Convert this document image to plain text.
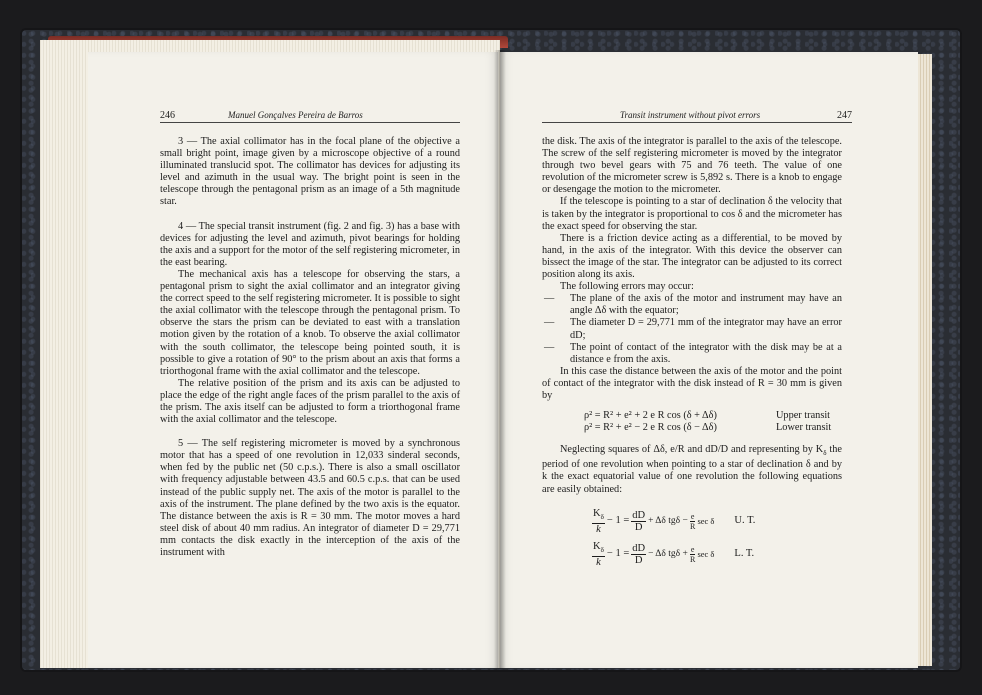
246	Manuel Gonçalves Pereira de Barros

3 — The axial collimator has in the focal plane of the objective a small bright point, image given by a microscope objective of a round illuminated translucid spot. The collimator has devices for adjusting its level and azimuth in the usual way. The bright point is seen in the telescope through the pentagonal prism as an image of a 5th magnitude star.

4 — The special transit instrument (fig. 2 and fig. 3) has a base with devices for adjusting the level and azimuth, pivot bearings for holding the axis and a support for the motor of the self registering micrometer, in the east bearing.

The mechanical axis has a telescope for observing the stars, a pentagonal prism to sight the axial collimator and an integrator giving the correct speed to the self registering micrometer. It is possible to sight the axial collimator with the telescope through the pentagonal prism. To observe the stars the prism can be deviated to east with a translation motion given by the rotation of a knob. To observe the axial collimator with the south collimator, the telescope being pointed south, it is possible to give a rotation of 90° to the prism about an axis that forms a triorthogonal frame with the axial collimator and the telescope.

The relative position of the prism and its axis can be adjusted to place the edge of the right angle faces of the prism parallel to the axis of the prism. The axis itself can be adjusted to form a triorthogonal frame with the axial collimator and the telescope.

5 — The self registering micrometer is moved by a synchronous motor that has a speed of one revolution in 12,033 sinderal seconds, when fed by the public net (50 c.p.s.). There is also a small oscillator with frequency adjustable between 43.5 and 60.5 c.p.s. that can be used instead of the public supply net. The axis of the motor is parallel to the axis of the instrument. The plane defined by the two axis is the equator. The distance between the axis is R = 30 mm. The motor moves a hard steel disk of about 40 mm radius. An integrator of diameter D = 29,771 mm contacts the disk exactly in the interception of the axis of the instrument with

Transit instrument without pivot errors	247

the disk. The axis of the integrator is parallel to the axis of the telescope. The screw of the self registering micrometer is moved by the integrator through two bevel gears with 75 and 76 teeth. The value of one revolution of the micrometer screw is 5,892 s. There is a knob to engage or desengage the motion to the micrometer.

If the telescope is pointing to a star of declination δ the velocity that is taken by the integrator is proportional to cos δ and the micrometer has the exact speed for observing the star.

There is a friction device acting as a differential, to be moved by hand, in the axis of the integrator. With this device the observer can bissect the image of the star. The integrator can be adjusted to its correct position along its axis.

The following errors may occur:

— The plane of the axis of the motor and instrument may have an angle Δδ with the equator;

— The diameter D = 29,771 mm of the integrator may have an error dD;

— The point of contact of the integrator with the disk may be at a distance e from the axis.

In this case the distance between the axis of the motor and the point of contact of the integrator with the disk instead of R = 30 mm is given by

ρ² = R² + e² + 2 e R cos (δ + Δδ)	Upper transit
ρ² = R² + e² − 2 e R cos (δ − Δδ)	Lower transit

Neglecting squares of Δδ, e/R and dD/D and representing by $K_\delta$ the period of one revolution when pointing to a star of declination δ and by k the exact equatorial value of one revolution the following equations are easily obtained:

$\frac{K_\delta}{k} - 1 = \frac{dD}{D} + \Delta\delta$ $tg\delta - \frac{e}{R}$ sec δ U. T.
$\frac{K_\delta}{k} - 1 = \frac{dD}{D} - \Delta\delta$ $tg\delta + \frac{e}{R}$ sec δ L. T.
